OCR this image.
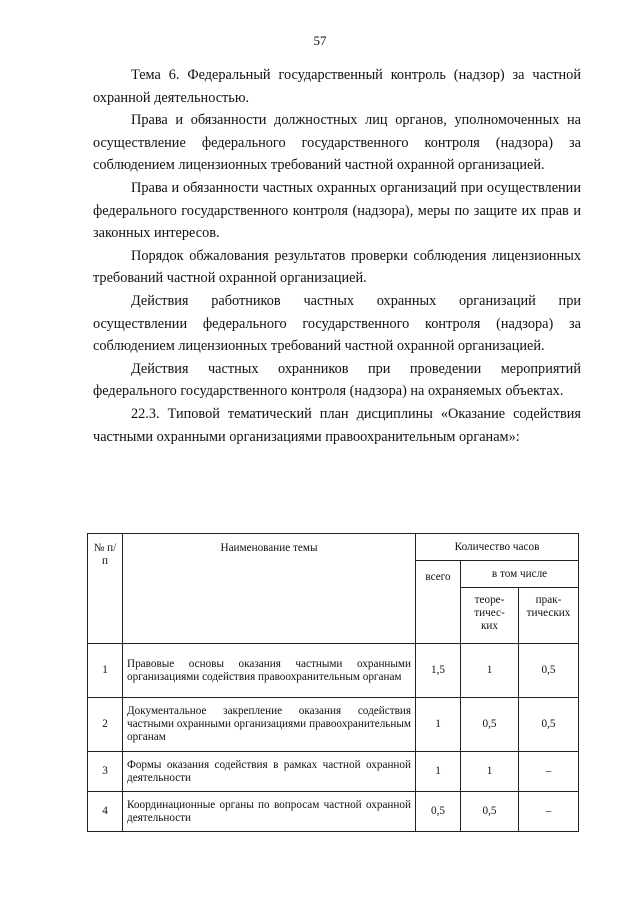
57

Тема 6. Федеральный государственный контроль (надзор) за частной охранной деятельностью.

Права и обязанности должностных лиц органов, уполномоченных на осуществление федерального государственного контроля (надзора) за соблюдением лицензионных требований частной охранной организацией.

Права и обязанности частных охранных организаций при осуществлении федерального государственного контроля (надзора), меры по защите их прав и законных интересов.

Порядок обжалования результатов проверки соблюдения лицензионных требований частной охранной организацией.

Действия работников частных охранных организаций при осуществлении федерального государственного контроля (надзора) за соблюдением лицензионных требований частной охранной организацией.

Действия частных охранников при проведении мероприятий федерального государственного контроля (надзора) на охраняемых объектах.

22.3. Типовой тематический план дисциплины «Оказание содействия частными охранными организациями правоохранительным органам»:

№ п/п	Наименование темы	Количество часов		
		всего	в том числе	
			теоре- тичес- ких	прак- тических
1	Правовые основы оказания частными охранными организациями содействия правоохранительным органам	1,5	1	0,5
2	Документальное закрепление оказания содействия частными охранными организациями правоохранительным органам	1	0,5	0,5
3	Формы оказания содействия в рамках частной охранной деятельности	1	1	–
4	Координационные органы по вопросам частной охранной деятельности	0,5	0,5	–
